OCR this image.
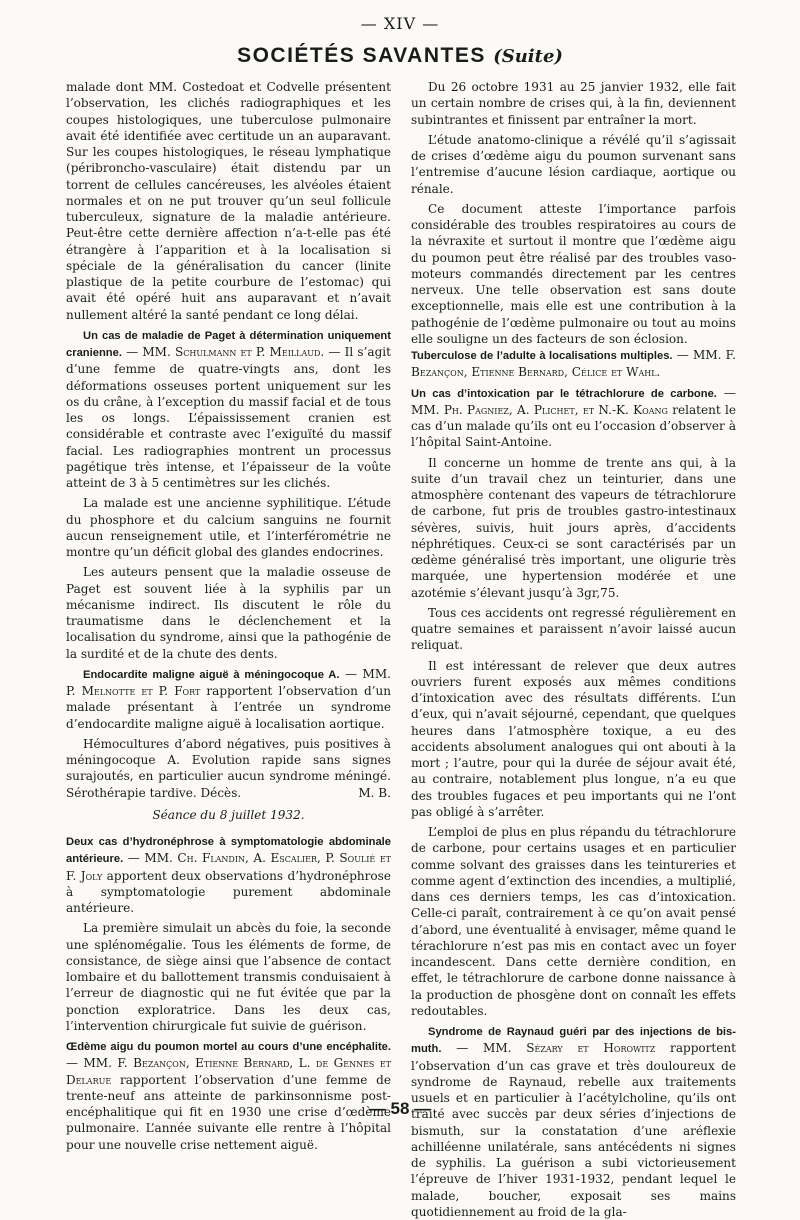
— XIV —
SOCIÉTÉS SAVANTES (Suite)

malade dont MM. Costedoat et Codvelle présentent l’observation, les clichés radiographiques et les coupes histologiques, une tuberculose pulmonaire avait été identifiée avec certitude un an auparavant. Sur les coupes histologiques, le réseau lymphatique (péribroncho-vasculaire) était distendu par un torrent de cellules cancéreuses, les alvéoles étaient normales et on ne put trouver qu’un seul follicule tuberculeux, signature de la maladie antérieure. Peut-être cette dernière affection n’a-t-elle pas été étrangère à l’apparition et à la localisation si spéciale de la généralisation du cancer (linite plastique de la petite courbure de l’estomac) qui avait été opéré huit ans auparavant et n’avait nullement altéré la santé pendant ce long délai.

Un cas de maladie de Paget à détermination uniquement cranienne. — MM. Schulmann et P. Meillaud. — Il s’agit d’une femme de quatre-vingts ans, dont les déformations osseuses portent uniquement sur les os du crâne, à l’exception du massif facial et de tous les os longs. L’épaississement cranien est considérable et contraste avec l’exiguïté du massif facial. Les radiographies montrent un processus pagétique très intense, et l’épaisseur de la voûte atteint de 3 à 5 centimètres sur les clichés.

La malade est une ancienne syphilitique. L’étude du phosphore et du calcium sanguins ne fournit aucun renseignement utile, et l’interférométrie ne montre qu’un déficit global des glandes endocrines.

Les auteurs pensent que la maladie osseuse de Paget est souvent liée à la syphilis par un mécanisme indirect. Ils discutent le rôle du traumatisme dans le déclenchement et la localisation du syndrome, ainsi que la pathogénie de la surdité et de la chute des dents.

Endocardite maligne aiguë à méningocoque A. — MM. P. Melnotte et P. Fort rapportent l’observation d’un malade présentant à l’entrée un syndrome d’endocardite maligne aiguë à localisation aortique.

Hémocultures d’abord négatives, puis positives à méningocoque A. Evolution rapide sans signes surajoutés, en particulier aucun syndrome méningé. Sérothérapie tardive. Décès.	M. B.

Séance du 8 juillet 1932.

Deux cas d’hydronéphrose à symptomatologie abdominale antérieure. — MM. Ch. Flandin, A. Escalier, P. Soulié et F. Joly apportent deux observations d’hydronéphrose à symptomatologie purement abdominale antérieure.

La première simulait un abcès du foie, la seconde une splénomégalie. Tous les éléments de forme, de consistance, de siège ainsi que l’absence de contact lombaire et du ballottement transmis conduisaient à l’erreur de diagnostic qui ne fut évitée que par la ponction exploratrice. Dans les deux cas, l’intervention chirurgicale fut suivie de guérison.

Œdème aigu du poumon mortel au cours d’une encéphalite. — MM. F. Bezançon, Etienne Bernard, L. de Gennes et Delarue rapportent l’observation d’une femme de trente-neuf ans atteinte de parkinsonnisme post-encéphalitique qui fit en 1930 une crise d’œdème pulmonaire. L’année suivante elle rentre à l’hôpital pour une nouvelle crise nettement aiguë.

Du 26 octobre 1931 au 25 janvier 1932, elle fait un certain nombre de crises qui, à la fin, deviennent subintrantes et finissent par entraîner la mort.

L’étude anatomo-clinique a révélé qu’il s’agissait de crises d’œdème aigu du poumon survenant sans l’entremise d’aucune lésion cardiaque, aortique ou rénale.

Ce document atteste l’importance parfois considérable des troubles respiratoires au cours de la névraxite et surtout il montre que l’œdème aigu du poumon peut être réalisé par des troubles vaso-moteurs commandés directement par les centres nerveux. Une telle observation est sans doute exceptionnelle, mais elle est une contribution à la pathogénie de l’œdème pulmonaire ou tout au moins elle souligne un des facteurs de son éclosion.

Tuberculose de l’adulte à localisations multiples. — MM. F. Bezançon, Etienne Bernard, Célice et Wahl.

Un cas d’intoxication par le tétrachlorure de carbone. — MM. Ph. Pagniez, A. Plichet, et N.-K. Koang relatent le cas d’un malade qu’ils ont eu l’occasion d’observer à l’hôpital Saint-Antoine.

Il concerne un homme de trente ans qui, à la suite d’un travail chez un teinturier, dans une atmosphère contenant des vapeurs de tétrachlorure de carbone, fut pris de troubles gastro-intestinaux sévères, suivis, huit jours après, d’accidents néphrétiques. Ceux-ci se sont caractérisés par un œdème généralisé très important, une oligurie très marquée, une hypertension modérée et une azotémie s’élevant jusqu’à 3gr,75.

Tous ces accidents ont regressé régulièrement en quatre semaines et paraissent n’avoir laissé aucun reliquat.

Il est intéressant de relever que deux autres ouvriers furent exposés aux mêmes conditions d’intoxication avec des résultats différents. L’un d’eux, qui n’avait séjourné, cependant, que quelques heures dans l’atmosphère toxique, a eu des accidents absolument analogues qui ont abouti à la mort ; l’autre, pour qui la durée de séjour avait été, au contraire, notablement plus longue, n’a eu que des troubles fugaces et peu importants qui ne l’ont pas obligé à s’arrêter.

L’emploi de plus en plus répandu du tétrachlorure de carbone, pour certains usages et en particulier comme solvant des graisses dans les teintureries et comme agent d’extinction des incendies, a multiplié, dans ces derniers temps, les cas d’intoxication. Celle-ci paraît, contrairement à ce qu’on avait pensé d’abord, une éventualité à envisager, même quand le térachlorure n’est pas mis en contact avec un foyer incandescent. Dans cette dernière condition, en effet, le tétrachlorure de carbone donne naissance à la production de phosgène dont on connaît les effets redoutables.

Syndrome de Raynaud guéri par des injections de bismuth. — MM. Sézary et Horowitz rapportent l’observation d’un cas grave et très douloureux de syndrome de Raynaud, rebelle aux traitements usuels et en particulier à l’acétylcholine, qu’ils ont traité avec succès par deux séries d’injections de bismuth, sur la constatation d’une aréflexie achilléenne unilatérale, sans antécédents ni signes de syphilis. La guérison a subi victorieusement l’épreuve de l’hiver 1931-1932, pendant lequel le malade, boucher, exposait ses mains quotidiennement au froid de la gla-

— 58 —
